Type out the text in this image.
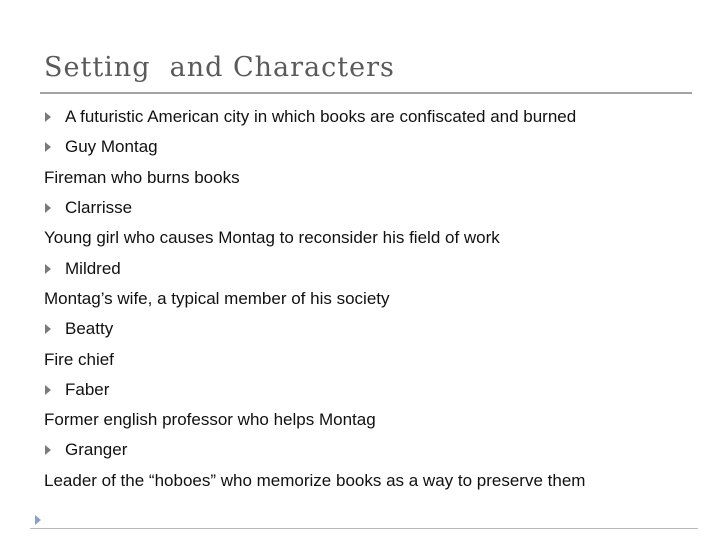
Setting  and Characters
A futuristic American city in which books are confiscated and burned
Guy Montag
Fireman who burns books
Clarrisse
Young girl who causes Montag to reconsider his field of work
Mildred
Montag’s wife, a typical member of his society
Beatty
Fire chief
Faber
Former english professor who helps Montag
Granger
Leader of the “hoboes” who memorize books as a way to preserve them
